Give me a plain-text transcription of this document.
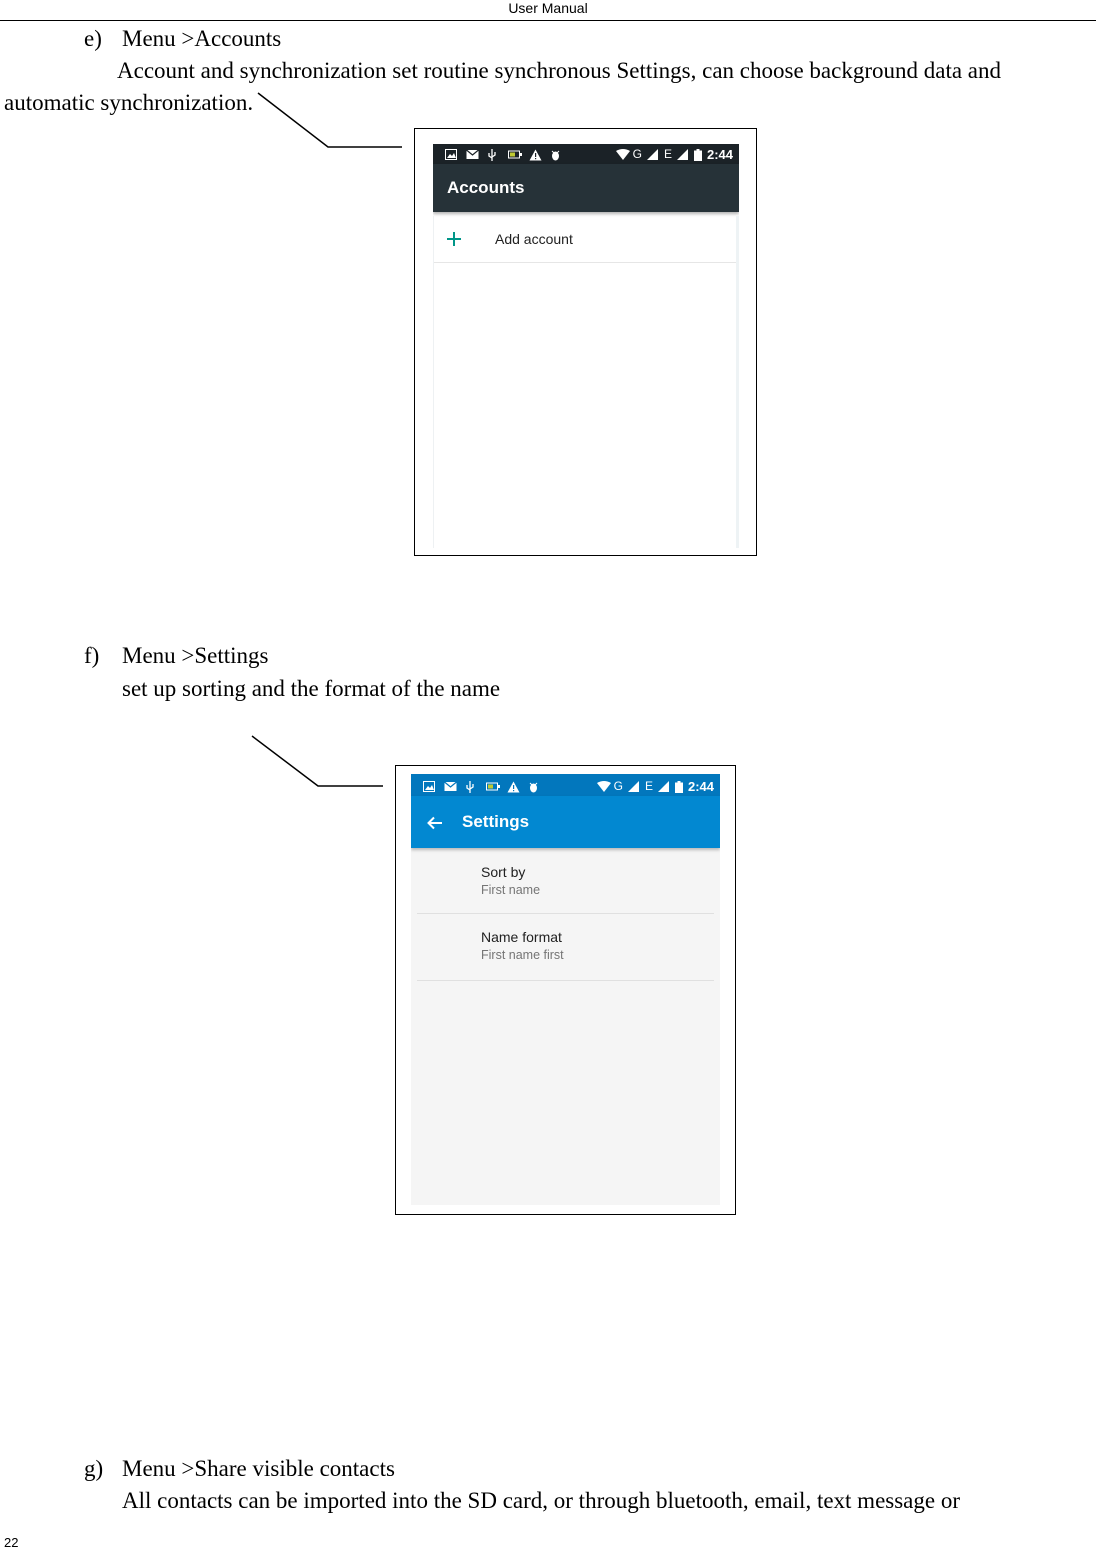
User Manual
e) Menu >Accounts
Account and synchronization set routine synchronous Settings, can choose background data and
automatic synchronization.
G E	2:44
Accounts
Add account
f) Menu >Settings
set up sorting and the format of the name
G E	2:44
Settings
Sort by
First name
Name format
First name first
g) Menu >Share visible contacts
All contacts can be imported into the SD card, or through bluetooth, email, text message or
22
